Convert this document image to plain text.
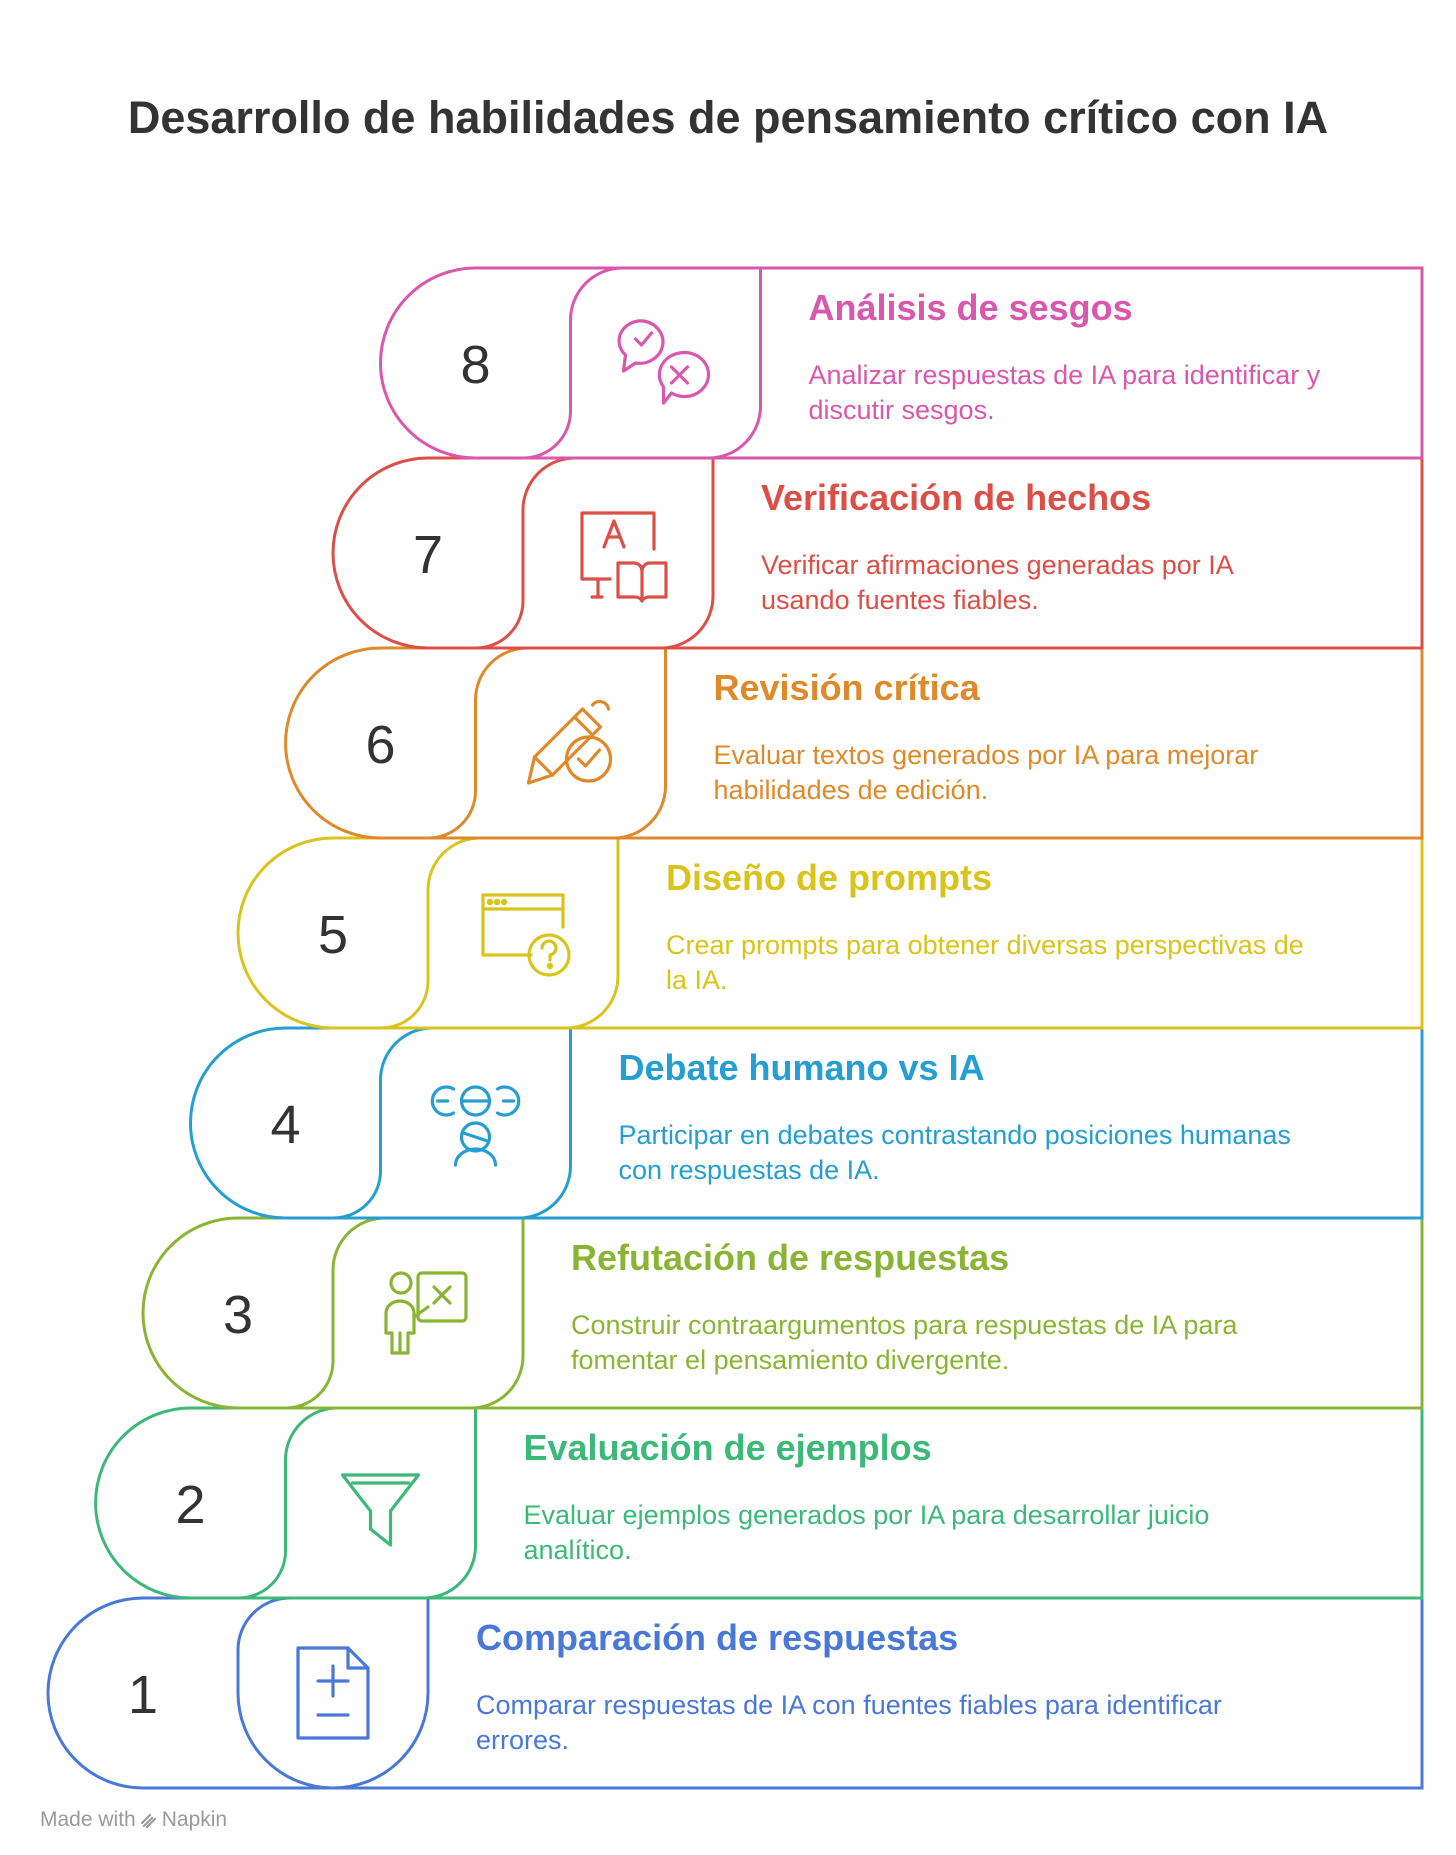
Desarrollo de habilidades de pensamiento crítico con IA
1
Comparación de respuestas
Comparar respuestas de IA con fuentes fiables para identificar
errores.
2
Evaluación de ejemplos
Evaluar ejemplos generados por IA para desarrollar juicio
analítico.
3
Refutación de respuestas
Construir contraargumentos para respuestas de IA para
fomentar el pensamiento divergente.
4
Debate humano vs IA
Participar en debates contrastando posiciones humanas
con respuestas de IA.
5
Diseño de prompts
Crear prompts para obtener diversas perspectivas de
la IA.
6
Revisión crítica
Evaluar textos generados por IA para mejorar
habilidades de edición.
7
Verificación de hechos
Verificar afirmaciones generadas por IA
usando fuentes fiables.
8
Análisis de sesgos
Analizar respuestas de IA para identificar y
discutir sesgos.
Made with Napkin
